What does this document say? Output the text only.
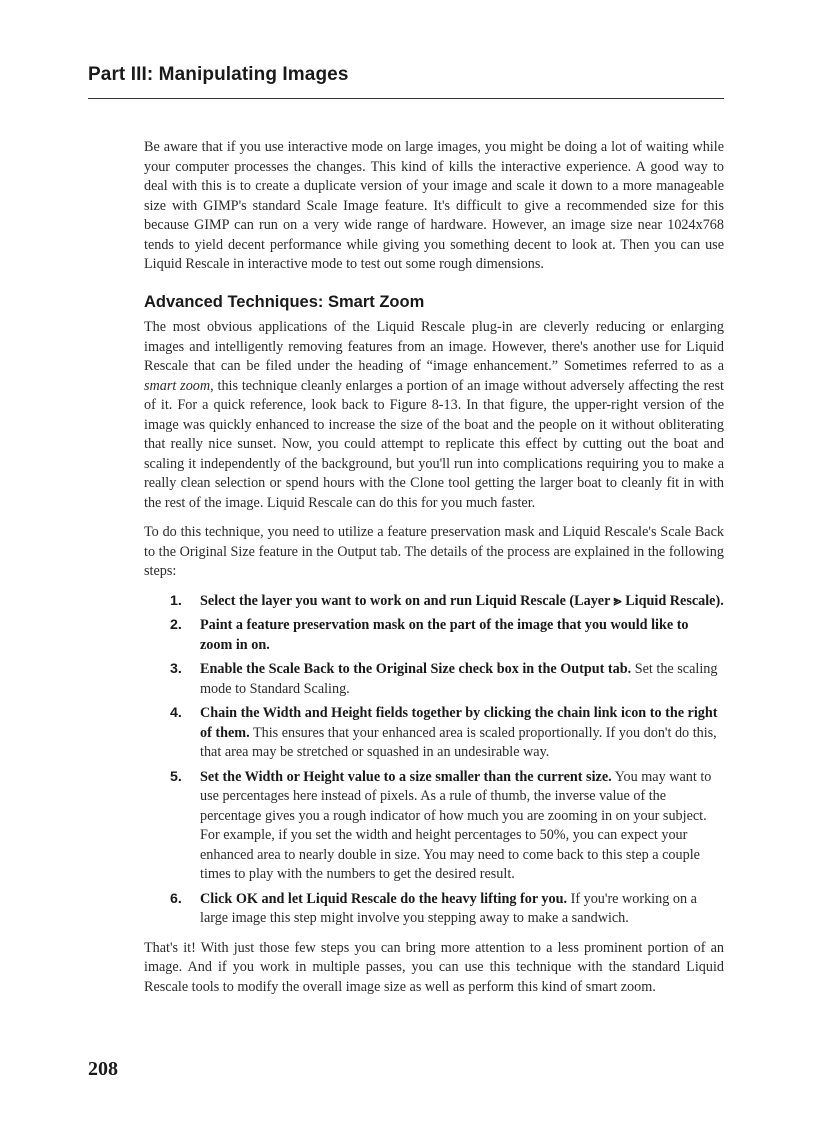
Part III: Manipulating Images

Be aware that if you use interactive mode on large images, you might be doing a lot of waiting while your computer processes the changes. This kind of kills the interactive experience. A good way to deal with this is to create a duplicate version of your image and scale it down to a more manageable size with GIMP's standard Scale Image feature. It's difficult to give a recommended size for this because GIMP can run on a very wide range of hardware. However, an image size near 1024x768 tends to yield decent performance while giving you something decent to look at. Then you can use Liquid Rescale in interactive mode to test out some rough dimensions.

Advanced Techniques: Smart Zoom

The most obvious applications of the Liquid Rescale plug-in are cleverly reducing or enlarging images and intelligently removing features from an image. However, there's another use for Liquid Rescale that can be filed under the heading of “image enhancement.” Sometimes referred to as a smart zoom, this technique cleanly enlarges a portion of an image without adversely affecting the rest of it. For a quick reference, look back to Figure 8-13. In that figure, the upper-right version of the image was quickly enhanced to increase the size of the boat and the people on it without obliterating that really nice sunset. Now, you could attempt to replicate this effect by cutting out the boat and scaling it independently of the background, but you'll run into complications requiring you to make a really clean selection or spend hours with the Clone tool getting the larger boat to cleanly fit in with the rest of the image. Liquid Rescale can do this for you much faster.

To do this technique, you need to utilize a feature preservation mask and Liquid Rescale's Scale Back to the Original Size feature in the Output tab. The details of the process are explained in the following steps:

1. Select the layer you want to work on and run Liquid Rescale (Layer ⪢ Liquid Rescale).
2. Paint a feature preservation mask on the part of the image that you would like to zoom in on.
3. Enable the Scale Back to the Original Size check box in the Output tab. Set the scaling mode to Standard Scaling.
4. Chain the Width and Height fields together by clicking the chain link icon to the right of them. This ensures that your enhanced area is scaled proportionally. If you don't do this, that area may be stretched or squashed in an undesirable way.
5. Set the Width or Height value to a size smaller than the current size. You may want to use percentages here instead of pixels. As a rule of thumb, the inverse value of the percentage gives you a rough indicator of how much you are zooming in on your subject. For example, if you set the width and height percentages to 50%, you can expect your enhanced area to nearly double in size. You may need to come back to this step a couple times to play with the numbers to get the desired result.
6. Click OK and let Liquid Rescale do the heavy lifting for you. If you're working on a large image this step might involve you stepping away to make a sandwich.

That's it! With just those few steps you can bring more attention to a less prominent portion of an image. And if you work in multiple passes, you can use this technique with the standard Liquid Rescale tools to modify the overall image size as well as perform this kind of smart zoom.

208
